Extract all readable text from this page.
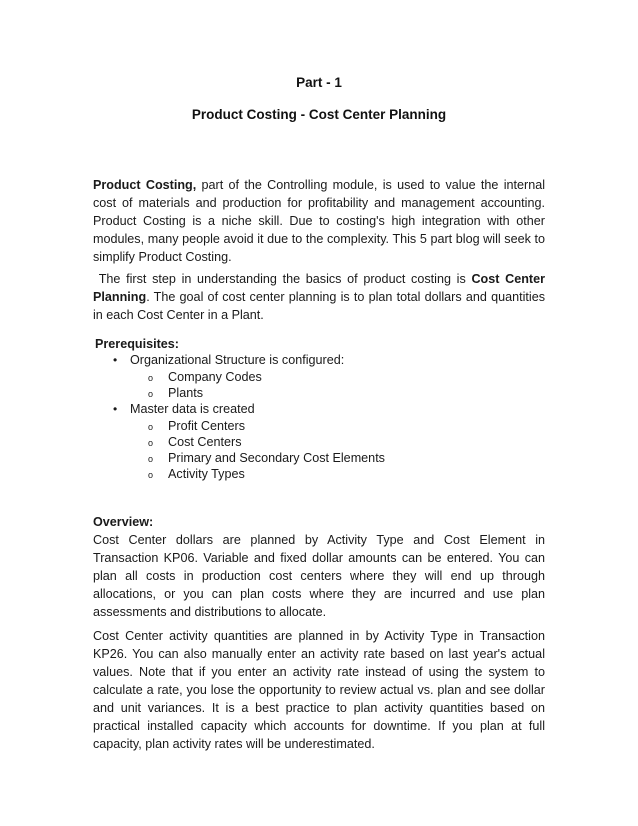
Part - 1
Product Costing - Cost Center Planning

Product Costing, part of the Controlling module, is used to value the internal cost of materials and production for profitability and management accounting. Product Costing is a niche skill. Due to costing's high integration with other modules, many people avoid it due to the complexity. This 5 part blog will seek to simplify Product Costing.

The first step in understanding the basics of product costing is Cost Center Planning. The goal of cost center planning is to plan total dollars and quantities in each Cost Center in a Plant.

Prerequisites:
• Organizational Structure is configured:
o Company Codes
o Plants
• Master data is created
o Profit Centers
o Cost Centers
o Primary and Secondary Cost Elements
o Activity Types
Overview:

Cost Center dollars are planned by Activity Type and Cost Element in Transaction KP06. Variable and fixed dollar amounts can be entered. You can plan all costs in production cost centers where they will end up through allocations, or you can plan costs where they are incurred and use plan assessments and distributions to allocate.

Cost Center activity quantities are planned in by Activity Type in Transaction KP26. You can also manually enter an activity rate based on last year's actual values. Note that if you enter an activity rate instead of using the system to calculate a rate, you lose the opportunity to review actual vs. plan and see dollar and unit variances. It is a best practice to plan activity quantities based on practical installed capacity which accounts for downtime. If you plan at full capacity, plan activity rates will be underestimated.
